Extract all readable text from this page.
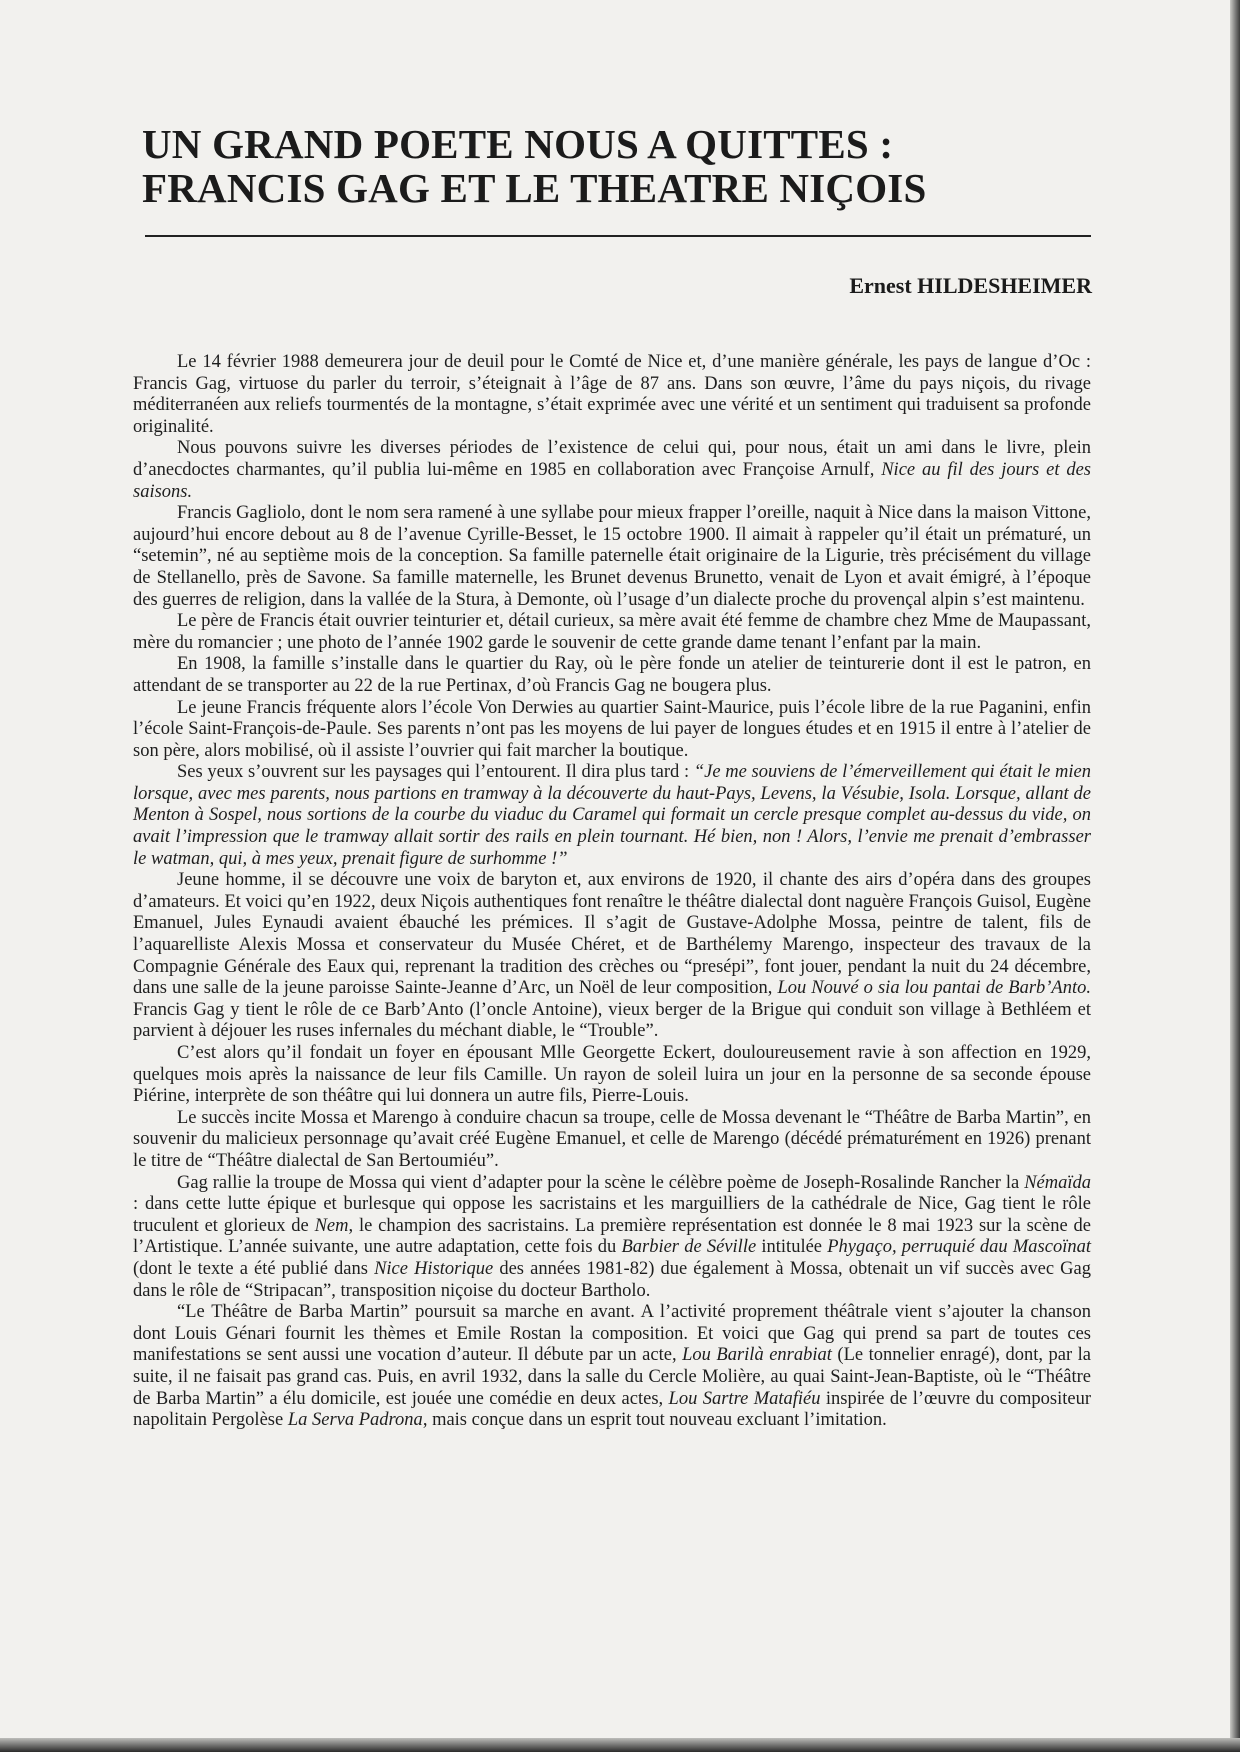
UN GRAND POETE NOUS A QUITTES :
FRANCIS GAG ET LE THEATRE NIÇOIS
Ernest HILDESHEIMER

Le 14 février 1988 demeurera jour de deuil pour le Comté de Nice et, d’une manière générale, les pays de langue d’Oc : Francis Gag, virtuose du parler du terroir, s’éteignait à l’âge de 87 ans. Dans son œuvre, l’âme du pays niçois, du rivage méditerranéen aux reliefs tourmentés de la montagne, s’était exprimée avec une vérité et un sentiment qui traduisent sa profonde originalité.

Nous pouvons suivre les diverses périodes de l’existence de celui qui, pour nous, était un ami dans le livre, plein d’anecdoctes charmantes, qu’il publia lui-même en 1985 en collaboration avec Françoise Arnulf, Nice au fil des jours et des saisons.

Francis Gagliolo, dont le nom sera ramené à une syllabe pour mieux frapper l’oreille, naquit à Nice dans la maison Vittone, aujourd’hui encore debout au 8 de l’avenue Cyrille-Besset, le 15 octobre 1900. Il aimait à rappeler qu’il était un prématuré, un “setemin”, né au septième mois de la conception. Sa famille paternelle était originaire de la Ligurie, très précisément du village de Stellanello, près de Savone. Sa famille maternelle, les Brunet devenus Brunetto, venait de Lyon et avait émigré, à l’époque des guerres de religion, dans la vallée de la Stura, à Demonte, où l’usage d’un dialecte proche du provençal alpin s’est maintenu.

Le père de Francis était ouvrier teinturier et, détail curieux, sa mère avait été femme de chambre chez Mme de Maupassant, mère du romancier ; une photo de l’année 1902 garde le souvenir de cette grande dame tenant l’enfant par la main.

En 1908, la famille s’installe dans le quartier du Ray, où le père fonde un atelier de teinturerie dont il est le patron, en attendant de se transporter au 22 de la rue Pertinax, d’où Francis Gag ne bougera plus.

Le jeune Francis fréquente alors l’école Von Derwies au quartier Saint-Maurice, puis l’école libre de la rue Paganini, enfin l’école Saint-François-de-Paule. Ses parents n’ont pas les moyens de lui payer de longues études et en 1915 il entre à l’atelier de son père, alors mobilisé, où il assiste l’ouvrier qui fait marcher la boutique.

Ses yeux s’ouvrent sur les paysages qui l’entourent. Il dira plus tard : “Je me souviens de l’émerveillement qui était le mien lorsque, avec mes parents, nous partions en tramway à la découverte du haut-Pays, Levens, la Vésubie, Isola. Lorsque, allant de Menton à Sospel, nous sortions de la courbe du viaduc du Caramel qui formait un cercle presque complet au-dessus du vide, on avait l’impression que le tramway allait sortir des rails en plein tournant. Hé bien, non ! Alors, l’envie me prenait d’embrasser le watman, qui, à mes yeux, prenait figure de surhomme !”

Jeune homme, il se découvre une voix de baryton et, aux environs de 1920, il chante des airs d’opéra dans des groupes d’amateurs. Et voici qu’en 1922, deux Niçois authentiques font renaître le théâtre dialectal dont naguère François Guisol, Eugène Emanuel, Jules Eynaudi avaient ébauché les prémices. Il s’agit de Gustave-Adolphe Mossa, peintre de talent, fils de l’aquarelliste Alexis Mossa et conservateur du Musée Chéret, et de Barthélemy Marengo, inspecteur des travaux de la Compagnie Générale des Eaux qui, reprenant la tradition des crèches ou “presépi”, font jouer, pendant la nuit du 24 décembre, dans une salle de la jeune paroisse Sainte-Jeanne d’Arc, un Noël de leur composition, Lou Nouvé o sia lou pantai de Barb’Anto. Francis Gag y tient le rôle de ce Barb’Anto (l’oncle Antoine), vieux berger de la Brigue qui conduit son village à Bethléem et parvient à déjouer les ruses infernales du méchant diable, le “Trouble”.

C’est alors qu’il fondait un foyer en épousant Mlle Georgette Eckert, douloureusement ravie à son affection en 1929, quelques mois après la naissance de leur fils Camille. Un rayon de soleil luira un jour en la personne de sa seconde épouse Piérine, interprète de son théâtre qui lui donnera un autre fils, Pierre-Louis.

Le succès incite Mossa et Marengo à conduire chacun sa troupe, celle de Mossa devenant le “Théâtre de Barba Martin”, en souvenir du malicieux personnage qu’avait créé Eugène Emanuel, et celle de Marengo (décédé prématurément en 1926) prenant le titre de “Théâtre dialectal de San Bertoumiéu”.

Gag rallie la troupe de Mossa qui vient d’adapter pour la scène le célèbre poème de Joseph-Rosalinde Rancher la Némaïda : dans cette lutte épique et burlesque qui oppose les sacristains et les marguilliers de la cathédrale de Nice, Gag tient le rôle truculent et glorieux de Nem, le champion des sacristains. La première représentation est donnée le 8 mai 1923 sur la scène de l’Artistique. L’année suivante, une autre adaptation, cette fois du Barbier de Séville intitulée Phygaço, perruquié dau Mascoïnat (dont le texte a été publié dans Nice Historique des années 1981-82) due également à Mossa, obtenait un vif succès avec Gag dans le rôle de “Stripacan”, transposition niçoise du docteur Bartholo.

“Le Théâtre de Barba Martin” poursuit sa marche en avant. A l’activité proprement théâtrale vient s’ajouter la chanson dont Louis Génari fournit les thèmes et Emile Rostan la composition. Et voici que Gag qui prend sa part de toutes ces manifestations se sent aussi une vocation d’auteur. Il débute par un acte, Lou Barilà enrabiat (Le tonnelier enragé), dont, par la suite, il ne faisait pas grand cas. Puis, en avril 1932, dans la salle du Cercle Molière, au quai Saint-Jean-Baptiste, où le “Théâtre de Barba Martin” a élu domicile, est jouée une comédie en deux actes, Lou Sartre Matafiéu inspirée de l’œuvre du compositeur napolitain Pergolèse La Serva Padrona, mais conçue dans un esprit tout nouveau excluant l’imitation.
